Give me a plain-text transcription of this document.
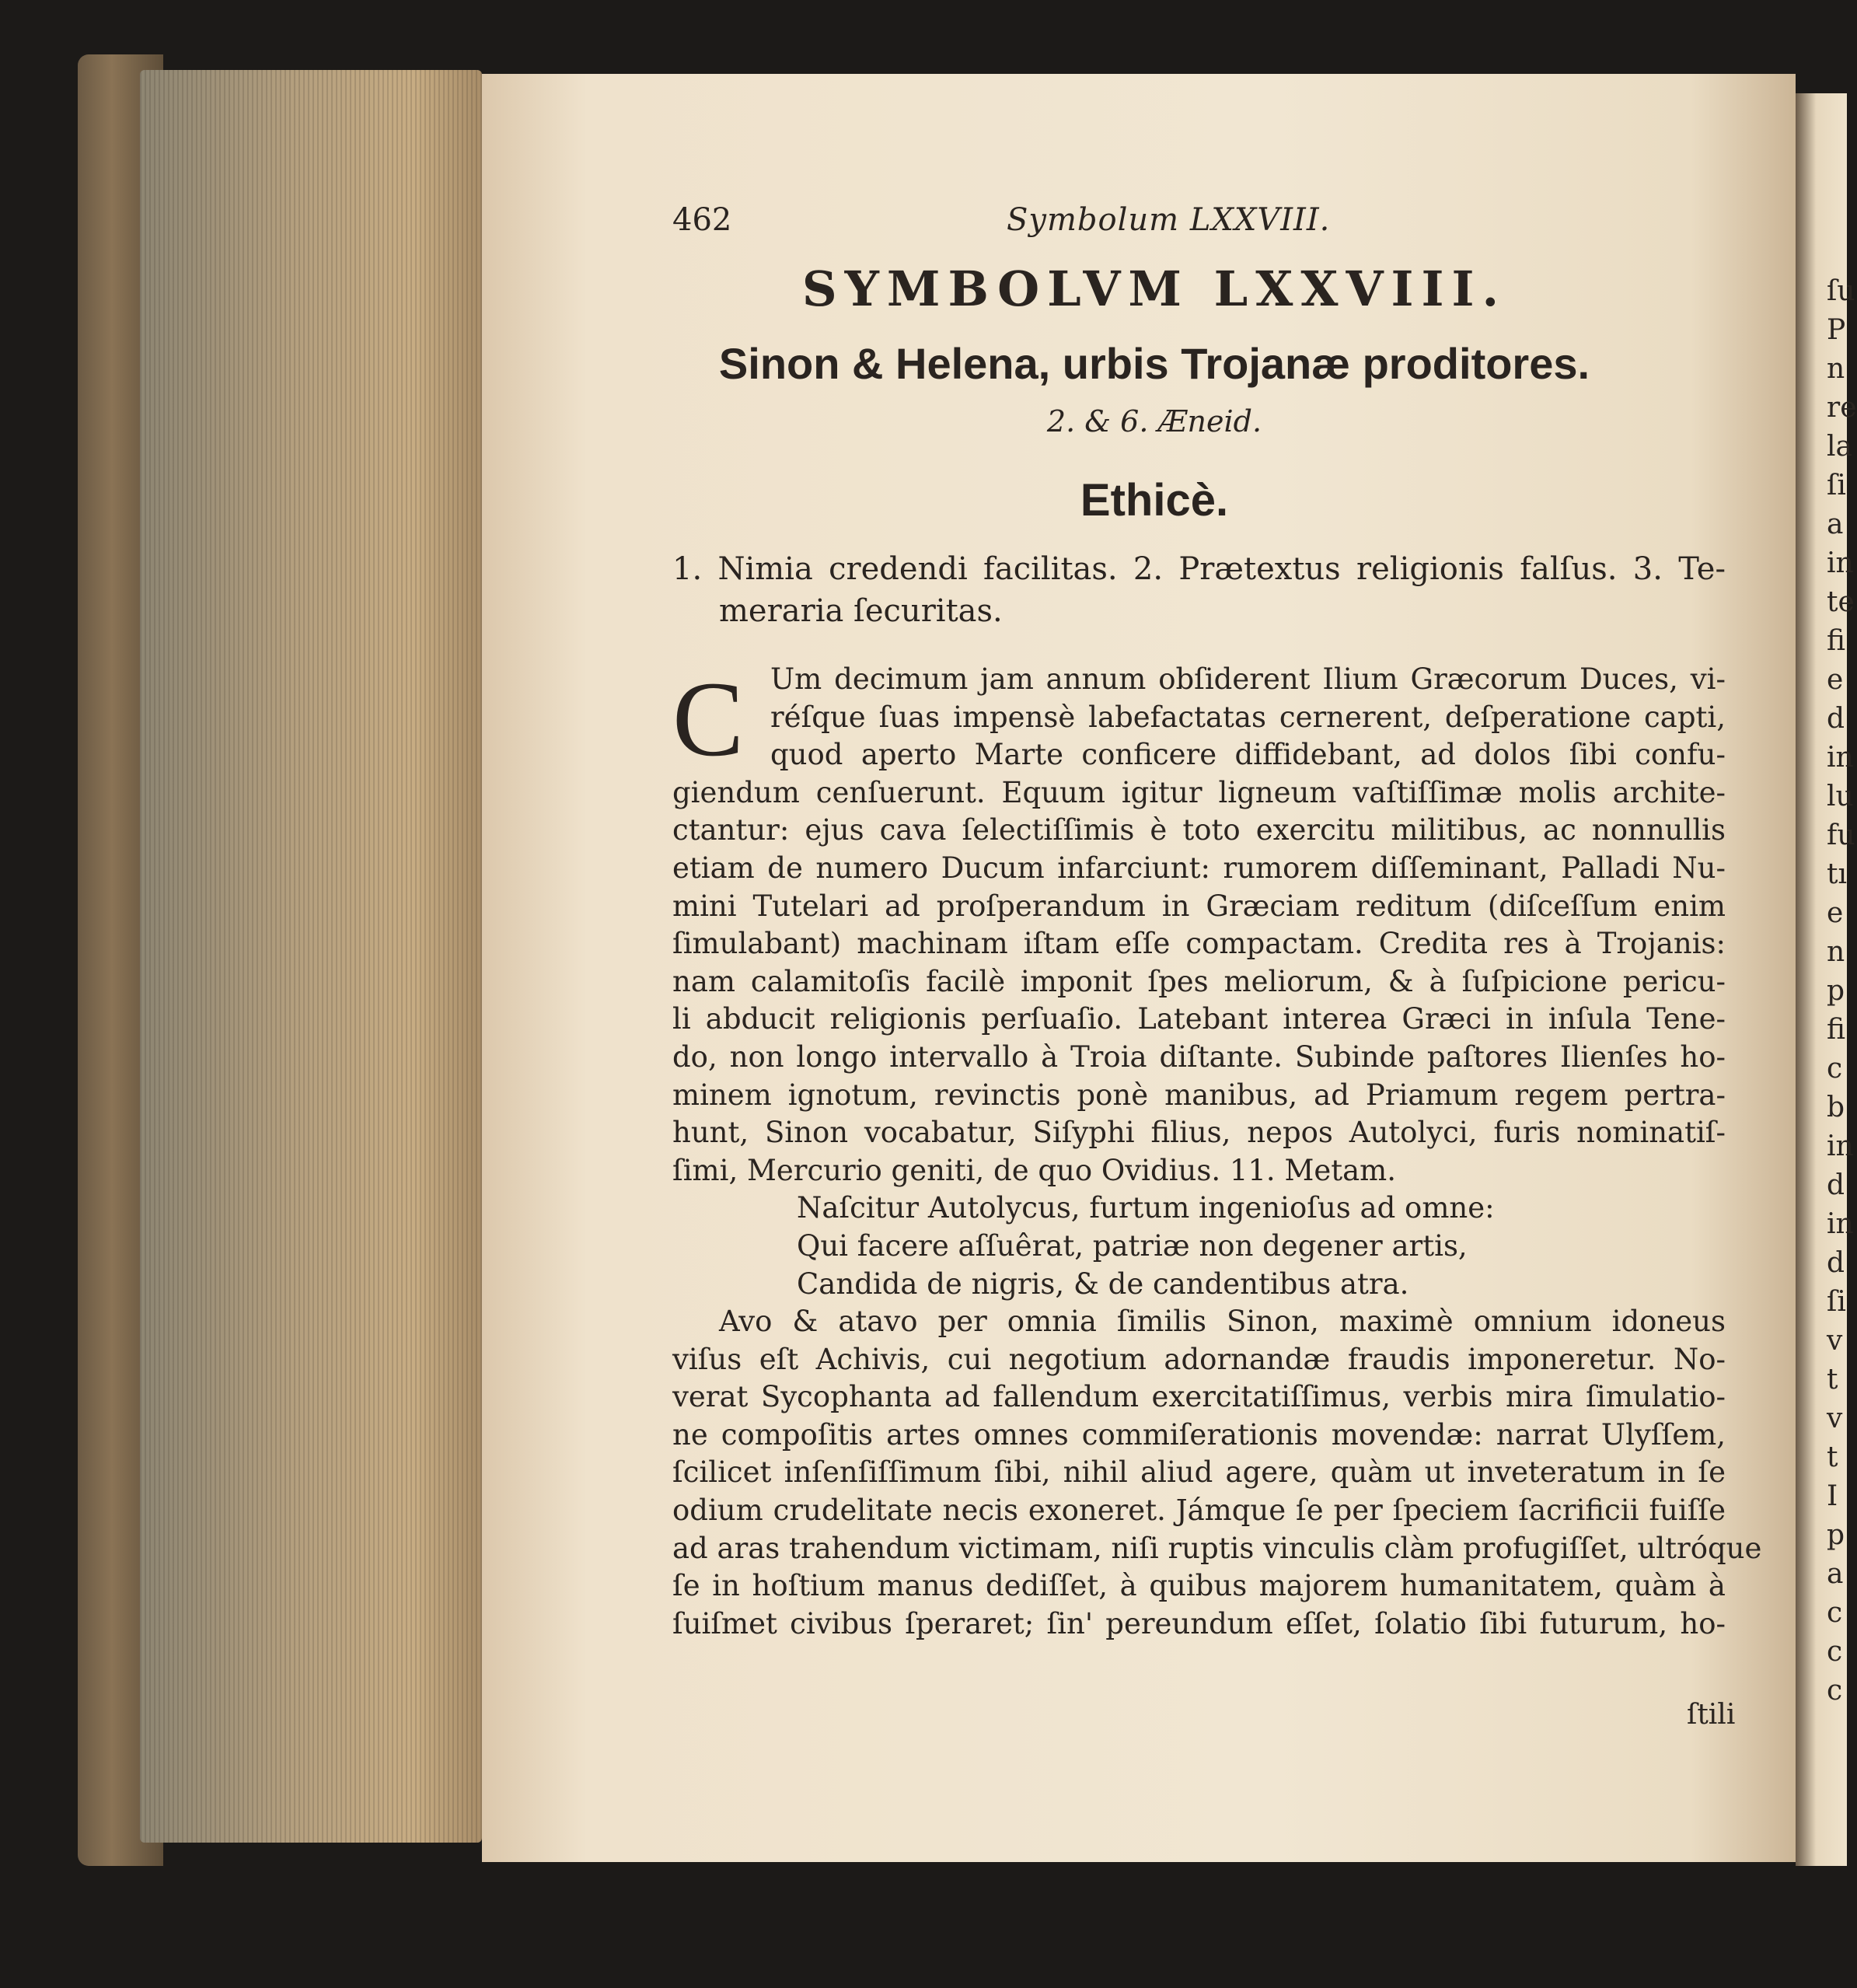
462	Symbolum LXXVIII.
SYMBOLVM LXXVIII.
Sinon & Helena, urbis Trojanæ proditores.
2. & 6. Æneid.
Ethicè.
1. Nimia credendi facilitas. 2. Prætextus religionis falſus. 3. Te-
meraria ſecuritas.
C Um decimum jam annum obſiderent Ilium Græcorum Duces, vi-
réſque ſuas impensè labefactatas cernerent, deſperatione capti,
quod aperto Marte conficere diffidebant, ad dolos ſibi confu-
giendum cenſuerunt. Equum igitur ligneum vaſtiſſimæ molis archite-
ctantur: ejus cava ſelectiſſimis è toto exercitu militibus, ac nonnullis
etiam de numero Ducum infarciunt: rumorem diſſeminant, Palladi Nu-
mini Tutelari ad proſperandum in Græciam reditum (diſceſſum enim
ſimulabant) machinam iſtam eſſe compactam. Credita res à Trojanis:
nam calamitoſis facilè imponit ſpes meliorum, & à ſuſpicione pericu-
li abducit religionis perſuaſio. Latebant interea Græci in inſula Tene-
do, non longo intervallo à Troia diſtante. Subinde paſtores Ilienſes ho-
minem ignotum, revinctis ponè manibus, ad Priamum regem pertra-
hunt, Sinon vocabatur, Siſyphi filius, nepos Autolyci, furis nominatiſ-
ſimi, Mercurio geniti, de quo Ovidius. 11. Metam.
Naſcitur Autolycus, furtum ingenioſus ad omne:
Qui facere aſſuêrat, patriæ non degener artis,
Candida de nigris, & de candentibus atra.
Avo & atavo per omnia ſimilis Sinon, maximè omnium idoneus
viſus eſt Achivis, cui negotium adornandæ fraudis imponeretur. No-
verat Sycophanta ad fallendum exercitatiſſimus, verbis mira ſimulatio-
ne compoſitis artes omnes commiſerationis movendæ: narrat Ulyſſem,
ſcilicet inſenſiſſimum ſibi, nihil aliud agere, quàm ut inveteratum in ſe
odium crudelitate necis exoneret. Jámque ſe per ſpeciem ſacrificii fuiſſe
ad aras trahendum victimam, niſi ruptis vinculis clàm profugiſſet, ultróque
ſe in hoſtium manus dediſſet, à quibus majorem humanitatem, quàm à
ſuiſmet civibus ſperaret; ſin' pereundum eſſet, ſolatio ſibi futurum, ho-
ſtili
ſu
P
n
re
la
ſi
a
in
te
fi
e
d
in
lu
fu
tı
e
n
p
fi
c
b
in
d
in
d
ſi
v
t
v
t
I
p
a
c
c
c
